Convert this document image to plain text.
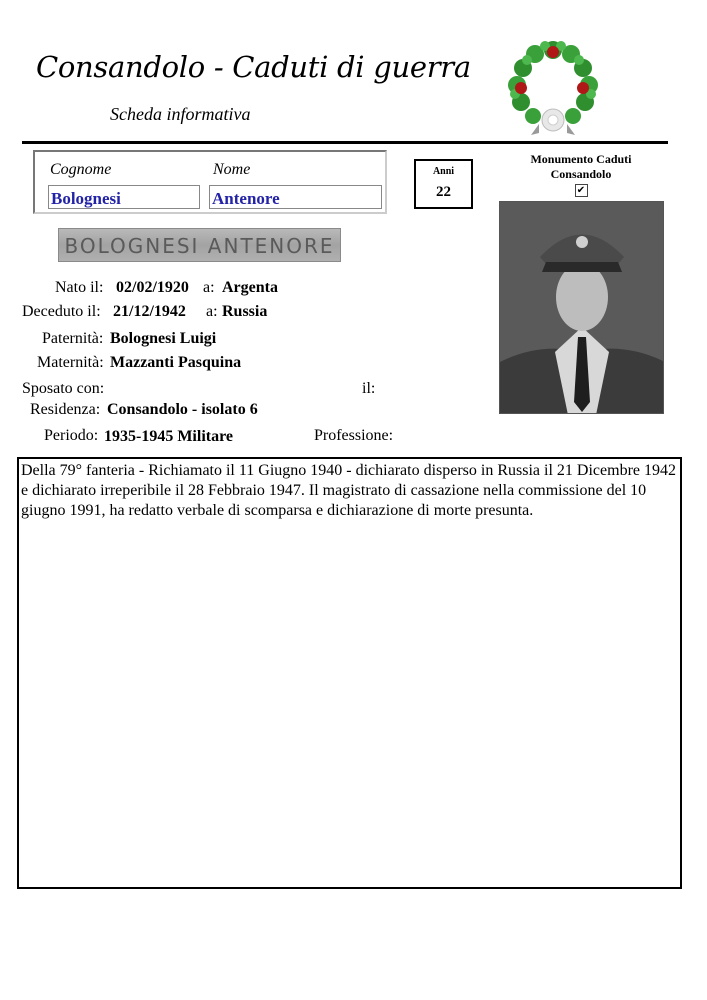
Consandolo - Caduti di guerra
Scheda informativa
Cognome	Nome
Bolognesi	Antenore
Anni
22
Monumento Caduti
Consandolo
✔
BOLOGNESI ANTENORE
Nato il: 02/02/1920 a: Argenta
Deceduto il: 21/12/1942 a: Russia
Paternità: Bolognesi Luigi
Maternità: Mazzanti Pasquina
Sposato con:	il:
Residenza: Consandolo - isolato 6
Periodo: 1935-1945 Militare	Professione:
Della 79° fanteria - Richiamato il 11 Giugno 1940 - dichiarato disperso in Russia il 21 Dicembre 1942 e dichiarato irreperibile il 28 Febbraio 1947. Il magistrato di cassazione nella commissione del 10 giugno 1991, ha redatto verbale di scomparsa e dichiarazione di morte presunta.
